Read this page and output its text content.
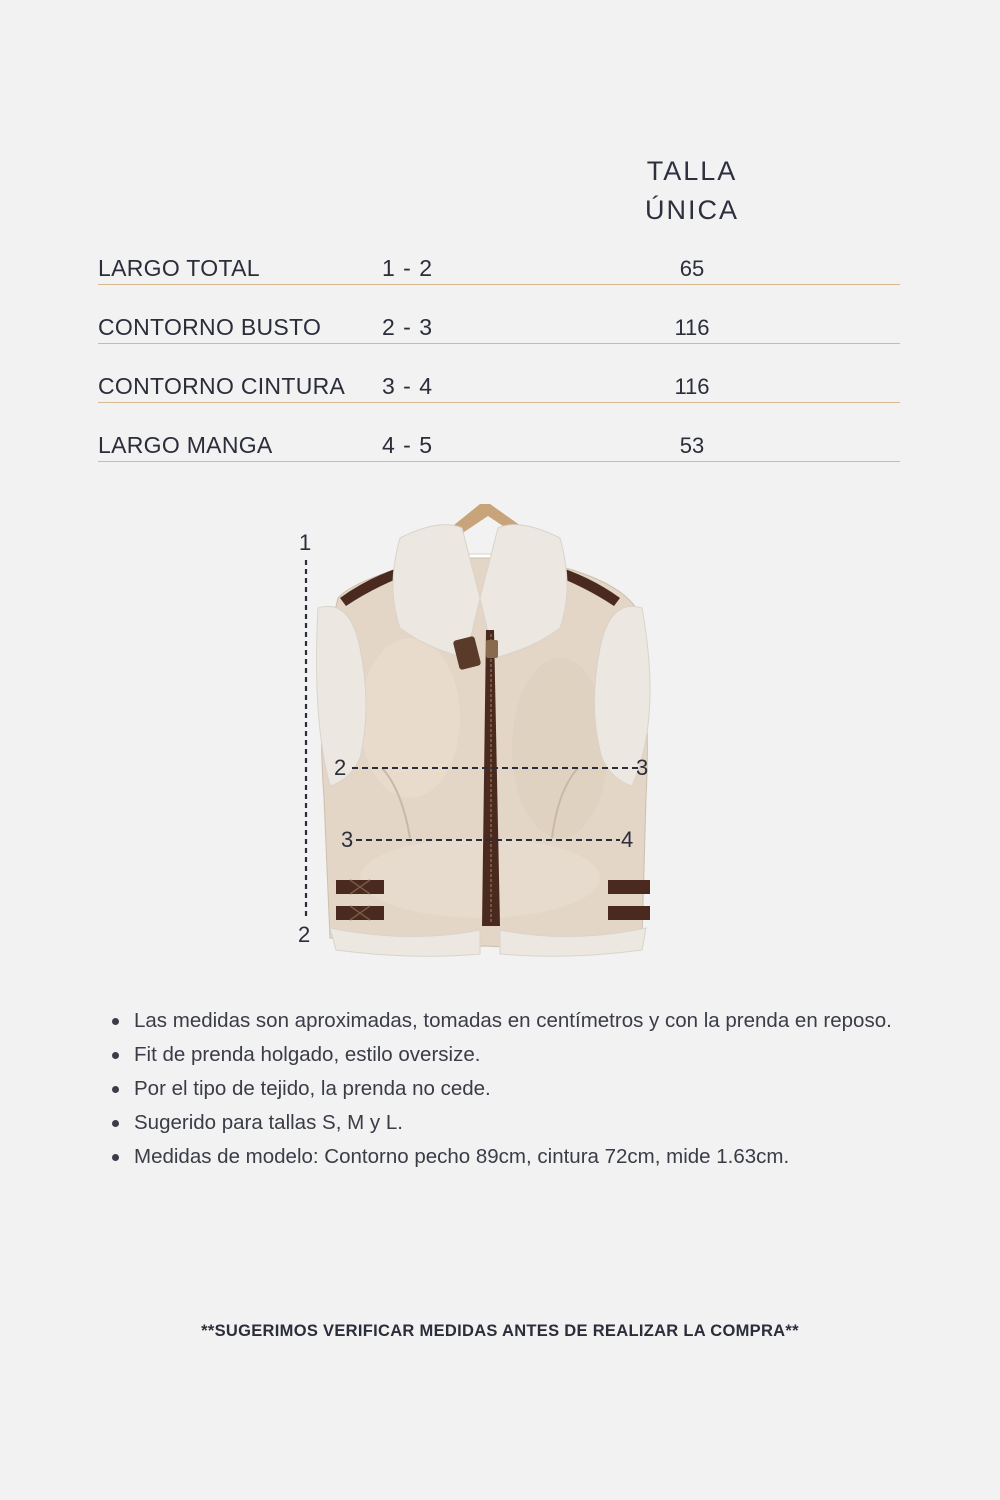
TALLA
ÚNICA
LARGO TOTAL	1 - 2	65
CONTORNO BUSTO	2 - 3	116
CONTORNO CINTURA 3 - 4	116
LARGO MANGA	4 - 5	53
1
2
2	3
3	4
Las medidas son aproximadas, tomadas en centímetros y con la prenda en reposo.
Fit de prenda holgado, estilo oversize.
Por el tipo de tejido, la prenda no cede.
Sugerido para tallas S, M y L.
Medidas de modelo: Contorno pecho 89cm, cintura 72cm, mide 1.63cm.
**SUGERIMOS VERIFICAR MEDIDAS ANTES DE REALIZAR LA COMPRA**
